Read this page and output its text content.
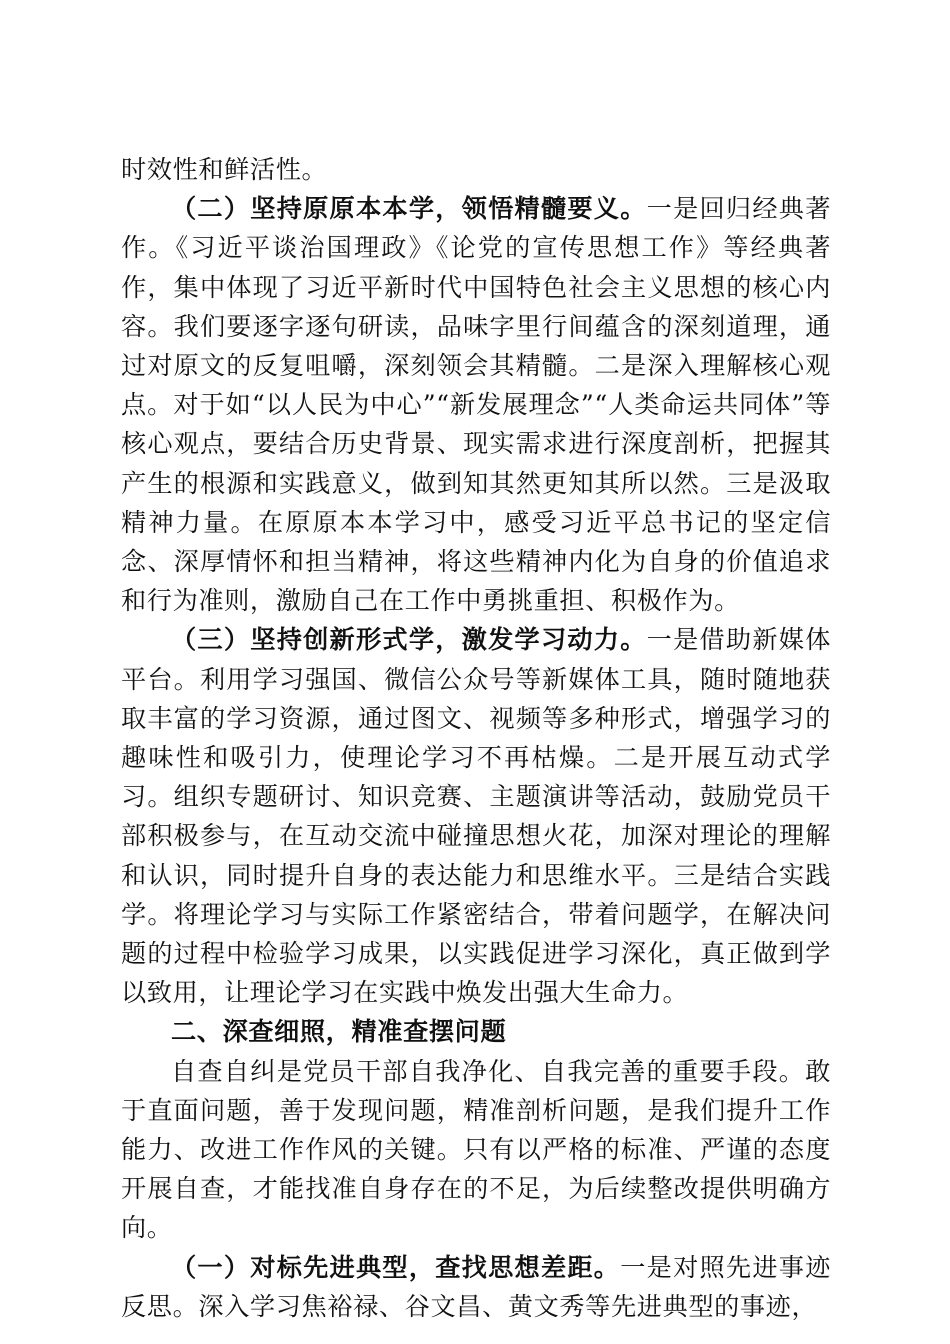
时效性和鲜活性。

（二）坚持原原本本学，领悟精髓要义。一是回归经典著作。《习近平谈治国理政》《论党的宣传思想工作》等经典著作，集中体现了习近平新时代中国特色社会主义思想的核心内容。我们要逐字逐句研读，品味字里行间蕴含的深刻道理，通过对原文的反复咀嚼，深刻领会其精髓。二是深入理解核心观点。对于如“以人民为中心”“新发展理念”“人类命运共同体”等核心观点，要结合历史背景、现实需求进行深度剖析，把握其产生的根源和实践意义，做到知其然更知其所以然。三是汲取精神力量。在原原本本学习中，感受习近平总书记的坚定信念、深厚情怀和担当精神，将这些精神内化为自身的价值追求和行为准则，激励自己在工作中勇挑重担、积极作为。

（三）坚持创新形式学，激发学习动力。一是借助新媒体平台。利用学习强国、微信公众号等新媒体工具，随时随地获取丰富的学习资源，通过图文、视频等多种形式，增强学习的趣味性和吸引力，使理论学习不再枯燥。二是开展互动式学习。组织专题研讨、知识竞赛、主题演讲等活动，鼓励党员干部积极参与，在互动交流中碰撞思想火花，加深对理论的理解和认识，同时提升自身的表达能力和思维水平。三是结合实践学。将理论学习与实际工作紧密结合，带着问题学，在解决问题的过程中检验学习成果，以实践促进学习深化，真正做到学以致用，让理论学习在实践中焕发出强大生命力。

二、深查细照，精准查摆问题

自查自纠是党员干部自我净化、自我完善的重要手段。敢于直面问题，善于发现问题，精准剖析问题，是我们提升工作能力、改进工作作风的关键。只有以严格的标准、严谨的态度开展自查，才能找准自身存在的不足，为后续整改提供明确方向。

（一）对标先进典型，查找思想差距。一是对照先进事迹反思。深入学习焦裕禄、谷文昌、黄文秀等先进典型的事迹，
